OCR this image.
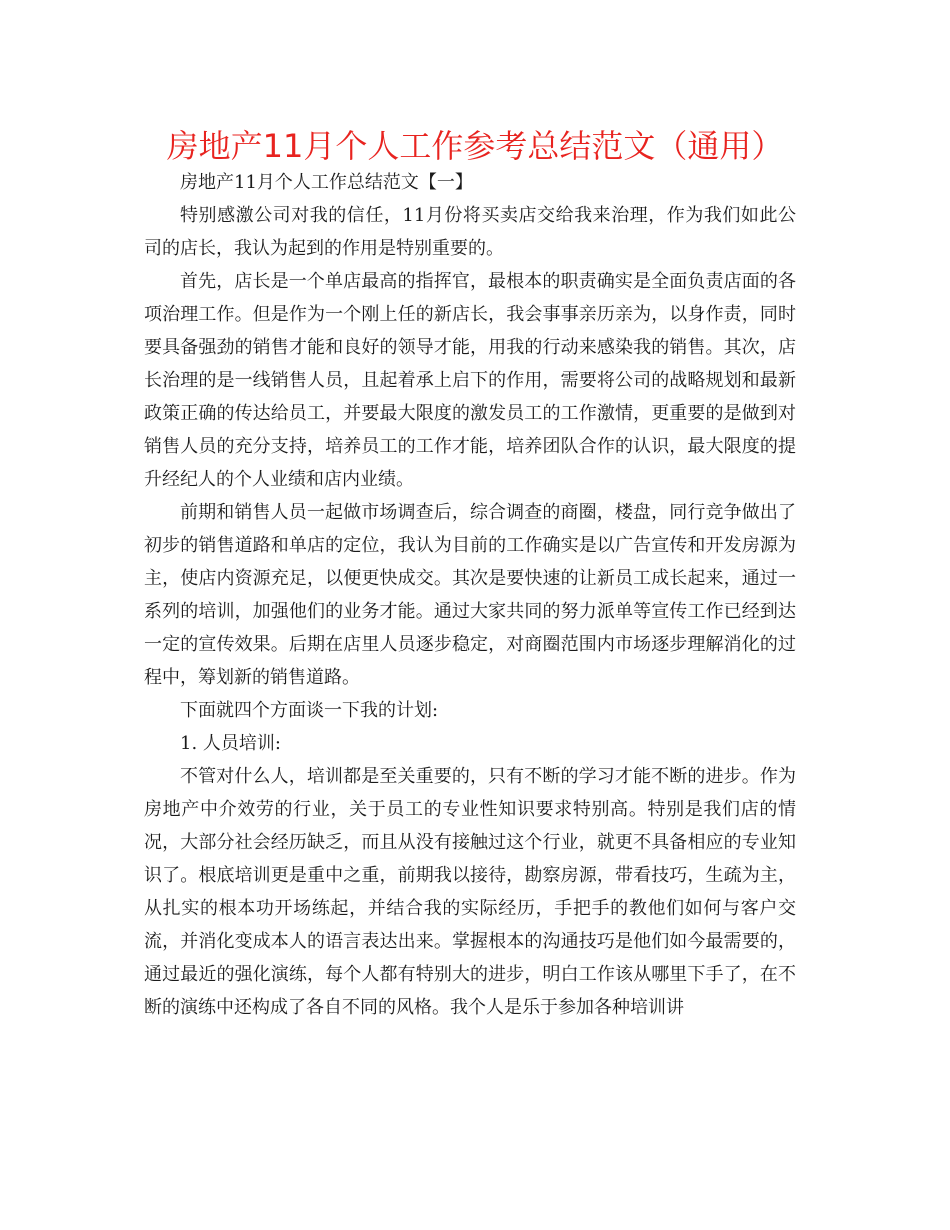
房地产11月个人工作参考总结范文（通用）

房地产11月个人工作总结范文【一】

特别感激公司对我的信任，11月份将买卖店交给我来治理，作为我们如此公司的店长，我认为起到的作用是特别重要的。

首先，店长是一个单店最高的指挥官，最根本的职责确实是全面负责店面的各项治理工作。但是作为一个刚上任的新店长，我会事事亲历亲为，以身作责，同时要具备强劲的销售才能和良好的领导才能，用我的行动来感染我的销售。其次，店长治理的是一线销售人员，且起着承上启下的作用，需要将公司的战略规划和最新政策正确的传达给员工，并要最大限度的激发员工的工作激情，更重要的是做到对销售人员的充分支持，培养员工的工作才能，培养团队合作的认识，最大限度的提升经纪人的个人业绩和店内业绩。

前期和销售人员一起做市场调查后，综合调查的商圈，楼盘，同行竞争做出了初步的销售道路和单店的定位，我认为目前的工作确实是以广告宣传和开发房源为主，使店内资源充足，以便更快成交。其次是要快速的让新员工成长起来，通过一系列的培训，加强他们的业务才能。通过大家共同的努力派单等宣传工作已经到达一定的宣传效果。后期在店里人员逐步稳定，对商圈范围内市场逐步理解消化的过程中，筹划新的销售道路。

下面就四个方面谈一下我的计划:

1. 人员培训:

不管对什么人，培训都是至关重要的，只有不断的学习才能不断的进步。作为房地产中介效劳的行业，关于员工的专业性知识要求特别高。特别是我们店的情况，大部分社会经历缺乏，而且从没有接触过这个行业，就更不具备相应的专业知识了。根底培训更是重中之重，前期我以接待，勘察房源，带看技巧，生疏为主，从扎实的根本功开场练起，并结合我的实际经历，手把手的教他们如何与客户交流，并消化变成本人的语言表达出来。掌握根本的沟通技巧是他们如今最需要的，通过最近的强化演练，每个人都有特别大的进步，明白工作该从哪里下手了，在不断的演练中还构成了各自不同的风格。我个人是乐于参加各种培训讲
